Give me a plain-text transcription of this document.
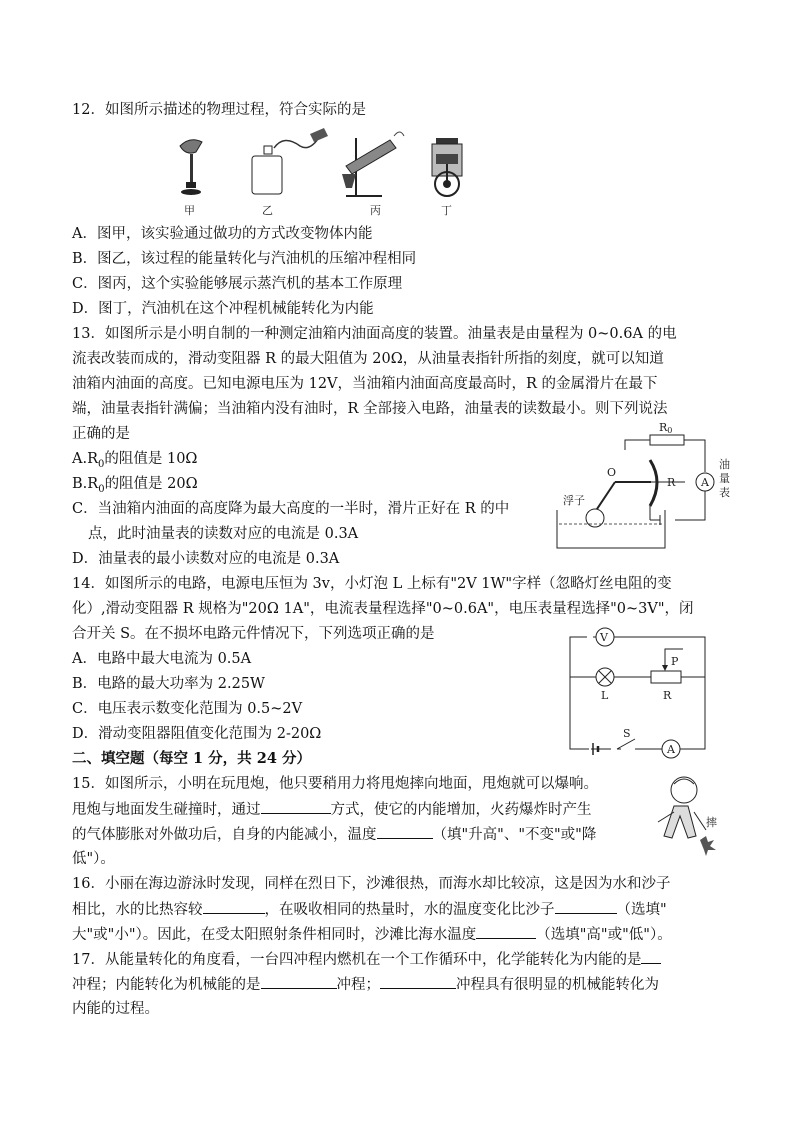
12．如图所示描述的物理过程，符合实际的是
甲	乙	丙	丁
A．图甲，该实验通过做功的方式改变物体内能
B．图乙，该过程的能量转化与汽油机的压缩冲程相同
C．图丙，这个实验能够展示蒸汽机的基本工作原理
D．图丁，汽油机在这个冲程机械能转化为内能
13．如图所示是小明自制的一种测定油箱内油面高度的装置。油量表是由量程为 0~0.6A 的电
流表改装而成的，滑动变阻器 R 的最大阻值为 20Ω，从油量表指针所指的刻度，就可以知道
油箱内油面的高度。已知电源电压为 12V，当油箱内油面高度最高时，R 的金属滑片在最下
端，油量表指针满偏；当油箱内没有油时，R 全部接入电路，油量表的读数最小。则下列说法
正确的是
$A.R_0$的阻值是 10Ω
$B.R_0$的阻值是 20Ω
C．当油箱内油面的高度降为最大高度的一半时，滑片正好在 R 的中
点，此时油量表的读数对应的电流是 0.3A
D．油量表的最小读数对应的电流是 0.3A
R0
A
油
量
表
R
O
浮子
14．如图所示的电路，电源电压恒为 3v，小灯泡 L 上标有"2V 1W"字样（忽略灯丝电阻的变
化）,滑动变阻器 R 规格为"20Ω 1A"，电流表量程选择"0~0.6A"，电压表量程选择"0~3V"，闭
合开关 S。在不损坏电路元件情况下，下列选项正确的是
A．电路中最大电流为 0.5A
B．电路的最大功率为 2.25W
C．电压表示数变化范围为 0.5~2V
D．滑动变阻器阻值变化范围为 2-20Ω
V
L
P
R
S
A
二、填空题（每空 1 分，共 24 分）
15．如图所示，小明在玩甩炮，他只要稍用力将甩炮摔向地面，甩炮就可以爆响。
甩炮与地面发生碰撞时，通过	方式，使它的内能增加，火药爆炸时产生
的气体膨胀对外做功后，自身的内能减小，温度	（填"升高"、"不变"或"降
低"）。
摔
16．小丽在海边游泳时发现，同样在烈日下，沙滩很热，而海水却比较凉，这是因为水和沙子
相比，水的比热容较	，在吸收相同的热量时，水的温度变化比沙子	（选填"
大"或"小"）。因此，在受太阳照射条件相同时，沙滩比海水温度	（选填"高"或"低"）。
17．从能量转化的角度看，一台四冲程内燃机在一个工作循环中，化学能转化为内能的是
冲程；内能转化为机械能的是	冲程；	冲程具有很明显的机械能转化为
内能的过程。
